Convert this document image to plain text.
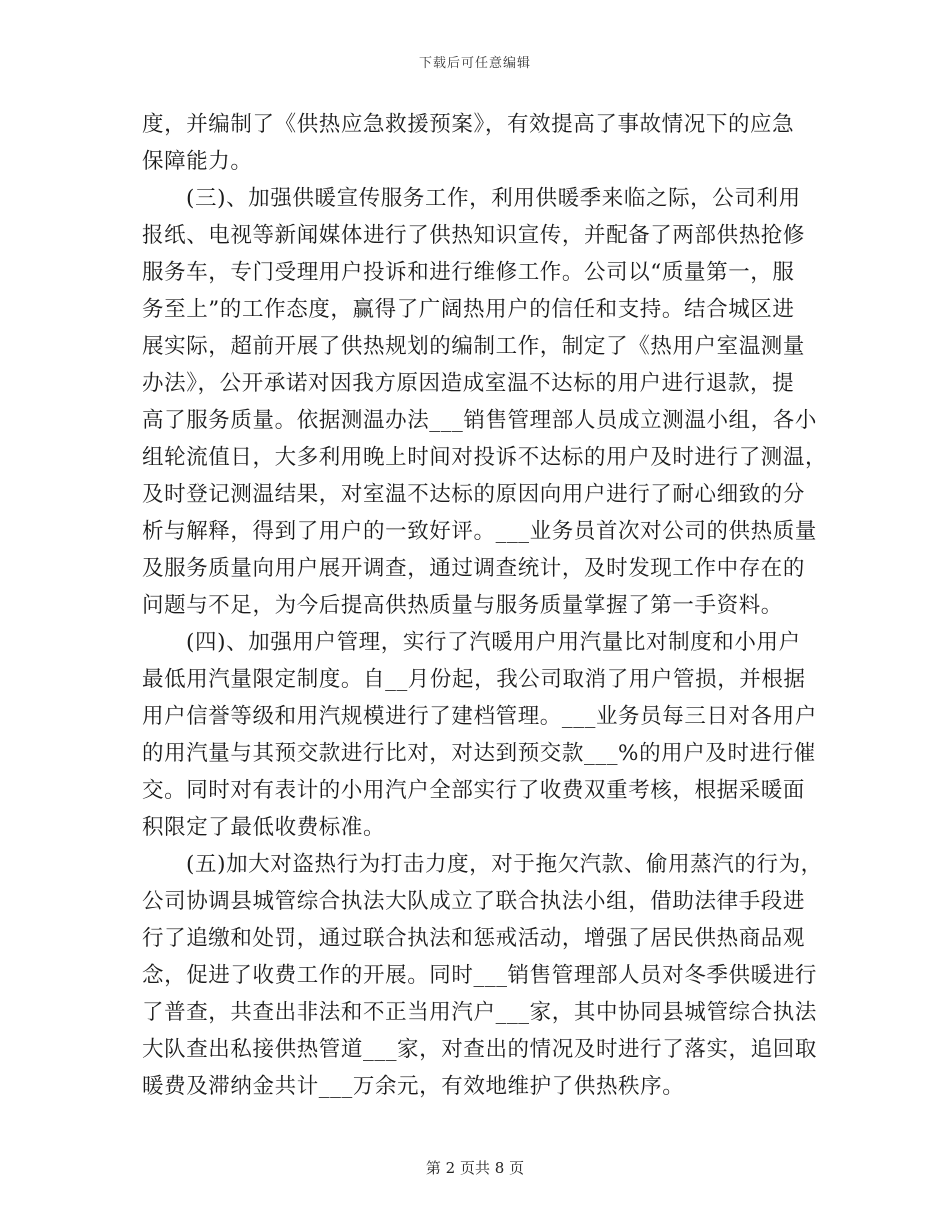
下载后可任意编辑
度，并编制了《供热应急救援预案》，有效提高了事故情况下的应急
保障能力。
(三)、加强供暖宣传服务工作，利用供暖季来临之际，公司利用
报纸、电视等新闻媒体进行了供热知识宣传，并配备了两部供热抢修
服务车，专门受理用户投诉和进行维修工作。公司以“质量第一，服
务至上”的工作态度，赢得了广阔热用户的信任和支持。结合城区进
展实际，超前开展了供热规划的编制工作，制定了《热用户室温测量
办法》，公开承诺对因我方原因造成室温不达标的用户进行退款，提
高了服务质量。依据测温办法___销售管理部人员成立测温小组，各小
组轮流值日，大多利用晚上时间对投诉不达标的用户及时进行了测温，
及时登记测温结果，对室温不达标的原因向用户进行了耐心细致的分
析与解释，得到了用户的一致好评。___业务员首次对公司的供热质量
及服务质量向用户展开调查，通过调查统计，及时发现工作中存在的
问题与不足，为今后提高供热质量与服务质量掌握了第一手资料。
(四)、加强用户管理，实行了汽暖用户用汽量比对制度和小用户
最低用汽量限定制度。自__月份起，我公司取消了用户管损，并根据
用户信誉等级和用汽规模进行了建档管理。___业务员每三日对各用户
的用汽量与其预交款进行比对，对达到预交款___%的用户及时进行催
交。同时对有表计的小用汽户全部实行了收费双重考核，根据采暖面
积限定了最低收费标准。
(五)加大对盗热行为打击力度，对于拖欠汽款、偷用蒸汽的行为，
公司协调县城管综合执法大队成立了联合执法小组，借助法律手段进
行了追缴和处罚，通过联合执法和惩戒活动，增强了居民供热商品观
念，促进了收费工作的开展。同时___销售管理部人员对冬季供暖进行
了普查，共查出非法和不正当用汽户___家，其中协同县城管综合执法
大队查出私接供热管道___家，对查出的情况及时进行了落实，追回取
暖费及滞纳金共计___万余元，有效地维护了供热秩序。
第 2 页共 8 页
